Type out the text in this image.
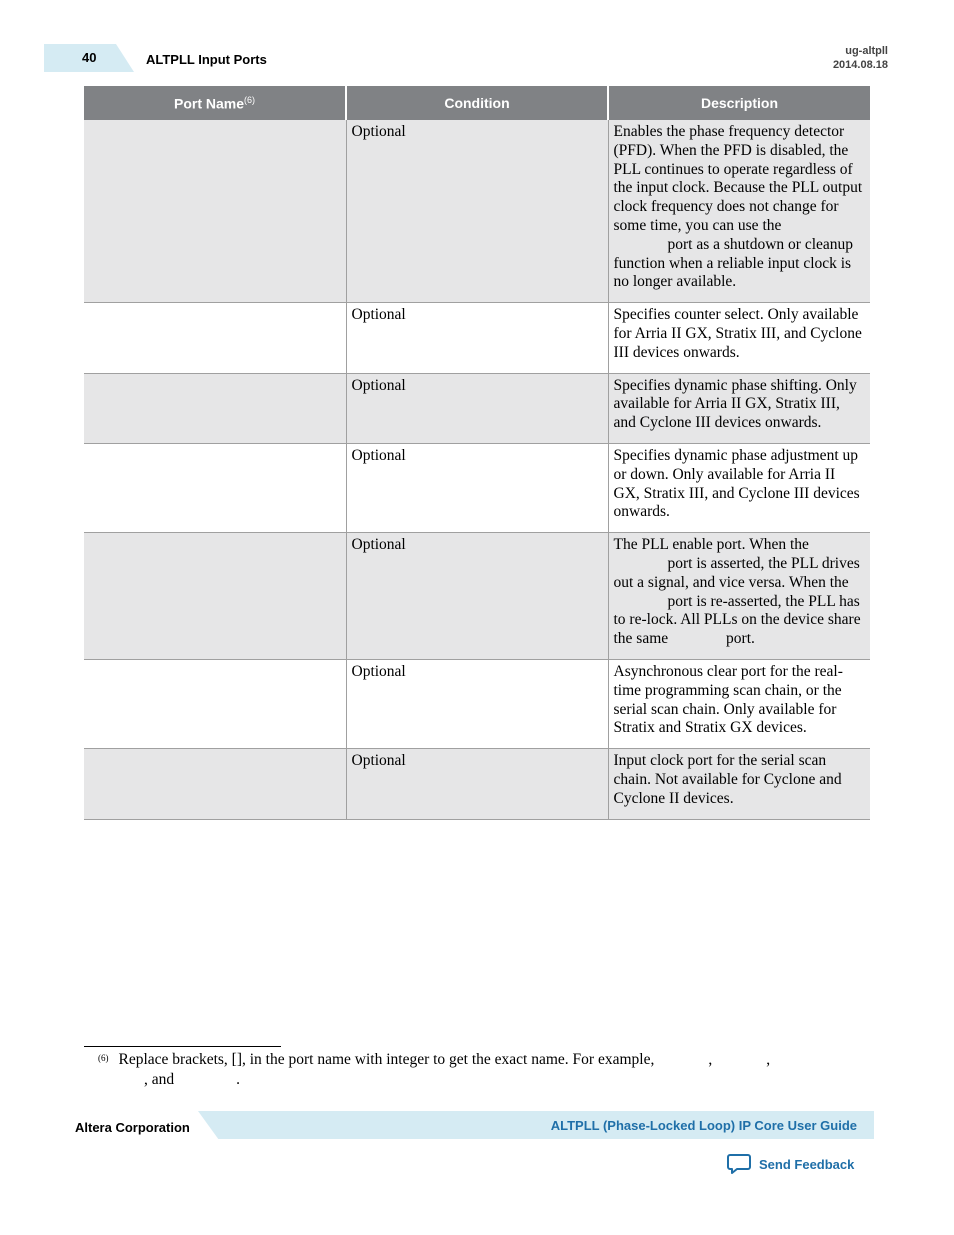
40	ALTPLL Input Ports
ug-altpll
2014.08.18
Port Name$^{(6)}$	Condition	Description
	Optional	Enables the phase frequency detector (PFD). When the PFD is disabled, the PLL continues to operate regardless of the input clock. Because the PLL output clock frequency does not change for some time, you can use the
port as a shutdown or cleanup function when a reliable input clock is no longer available.
	Optional	Specifies counter select. Only available for Arria II GX, Stratix III, and Cyclone III devices onwards.
	Optional	Specifies dynamic phase shifting. Only available for Arria II GX, Stratix III, and Cyclone III devices onwards.
	Optional	Specifies dynamic phase adjustment up or down. Only available for Arria II GX, Stratix III, and Cyclone III devices onwards.
	Optional	The PLL enable port. When the
port is asserted, the PLL drives out a signal, and vice versa. When the port is re-asserted, the PLL has to re-lock. All PLLs on the device share the same port.
	Optional	Asynchronous clear port for the real-time programming scan chain, or the serial scan chain. Only available for Stratix and Stratix GX devices.
	Optional	Input clock port for the serial scan chain. Not available for Cyclone and Cyclone II devices.
$^{(6)}$ Replace brackets, [], in the port name with integer to get the exact name. For example,	,	,
, and	.
Altera Corporation	ALTPLL (Phase-Locked Loop) IP Core User Guide
Send Feedback
